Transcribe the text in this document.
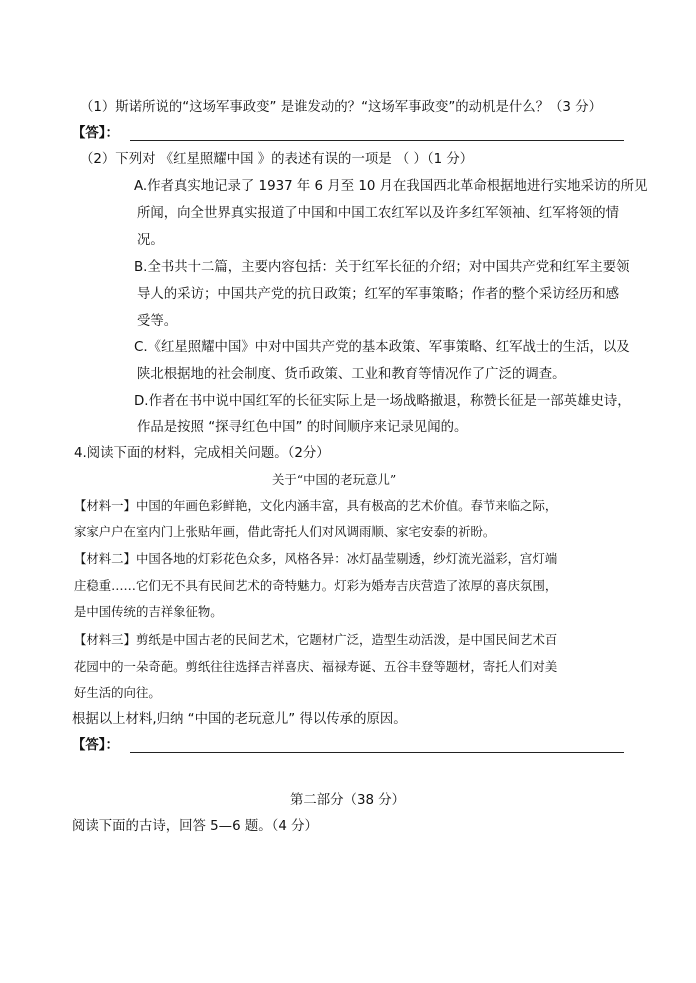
（1）斯诺所说的“这场军事政变” 是谁发动的？“这场军事政变”的动机是什么？（3 分）
【答】：
（2）下列对 《红星照耀中国 》的表述有误的一项是 （ ）（1 分）
A.作者真实地记录了 1937 年 6 月至 10 月在我国西北革命根据地进行实地采访的所见
所闻，向全世界真实报道了中国和中国工农红军以及许多红军领袖、红军将领的情
况。
B.全书共十二篇，主要内容包括：关于红军长征的介绍；对中国共产党和红军主要领
导人的采访；中国共产党的抗日政策；红军的军事策略；作者的整个采访经历和感
受等。
C.《红星照耀中国》中对中国共产党的基本政策、军事策略、红军战士的生活，以及
陕北根据地的社会制度、货币政策、工业和教育等情况作了广泛的调查。
D.作者在书中说中国红军的长征实际上是一场战略撤退，称赞长征是一部英雄史诗，
作品是按照 “探寻红色中国” 的时间顺序来记录见闻的。
4.阅读下面的材料，完成相关问题。（2分）
关于“中国的老玩意儿”
【材料一】中国的年画色彩鲜艳，文化内涵丰富，具有极高的艺术价值。春节来临之际，
家家户户在室内门上张贴年画，借此寄托人们对风调雨顺、家宅安泰的祈盼。
【材料二】中国各地的灯彩花色众多，风格各异：冰灯晶莹剔透，纱灯流光溢彩，宫灯端
庄稳重……它们无不具有民间艺术的奇特魅力。灯彩为婚寿吉庆营造了浓厚的喜庆氛围，
是中国传统的吉祥象征物。
【材料三】剪纸是中国古老的民间艺术，它题材广泛，造型生动活泼，是中国民间艺术百
花园中的一朵奇葩。剪纸往往选择吉祥喜庆、福禄寿诞、五谷丰登等题材，寄托人们对美
好生活的向往。
根据以上材料,归纳 “中国的老玩意儿” 得以传承的原因。
【答】：
第二部分（38 分）
阅读下面的古诗，回答 5—6 题。（4 分）
